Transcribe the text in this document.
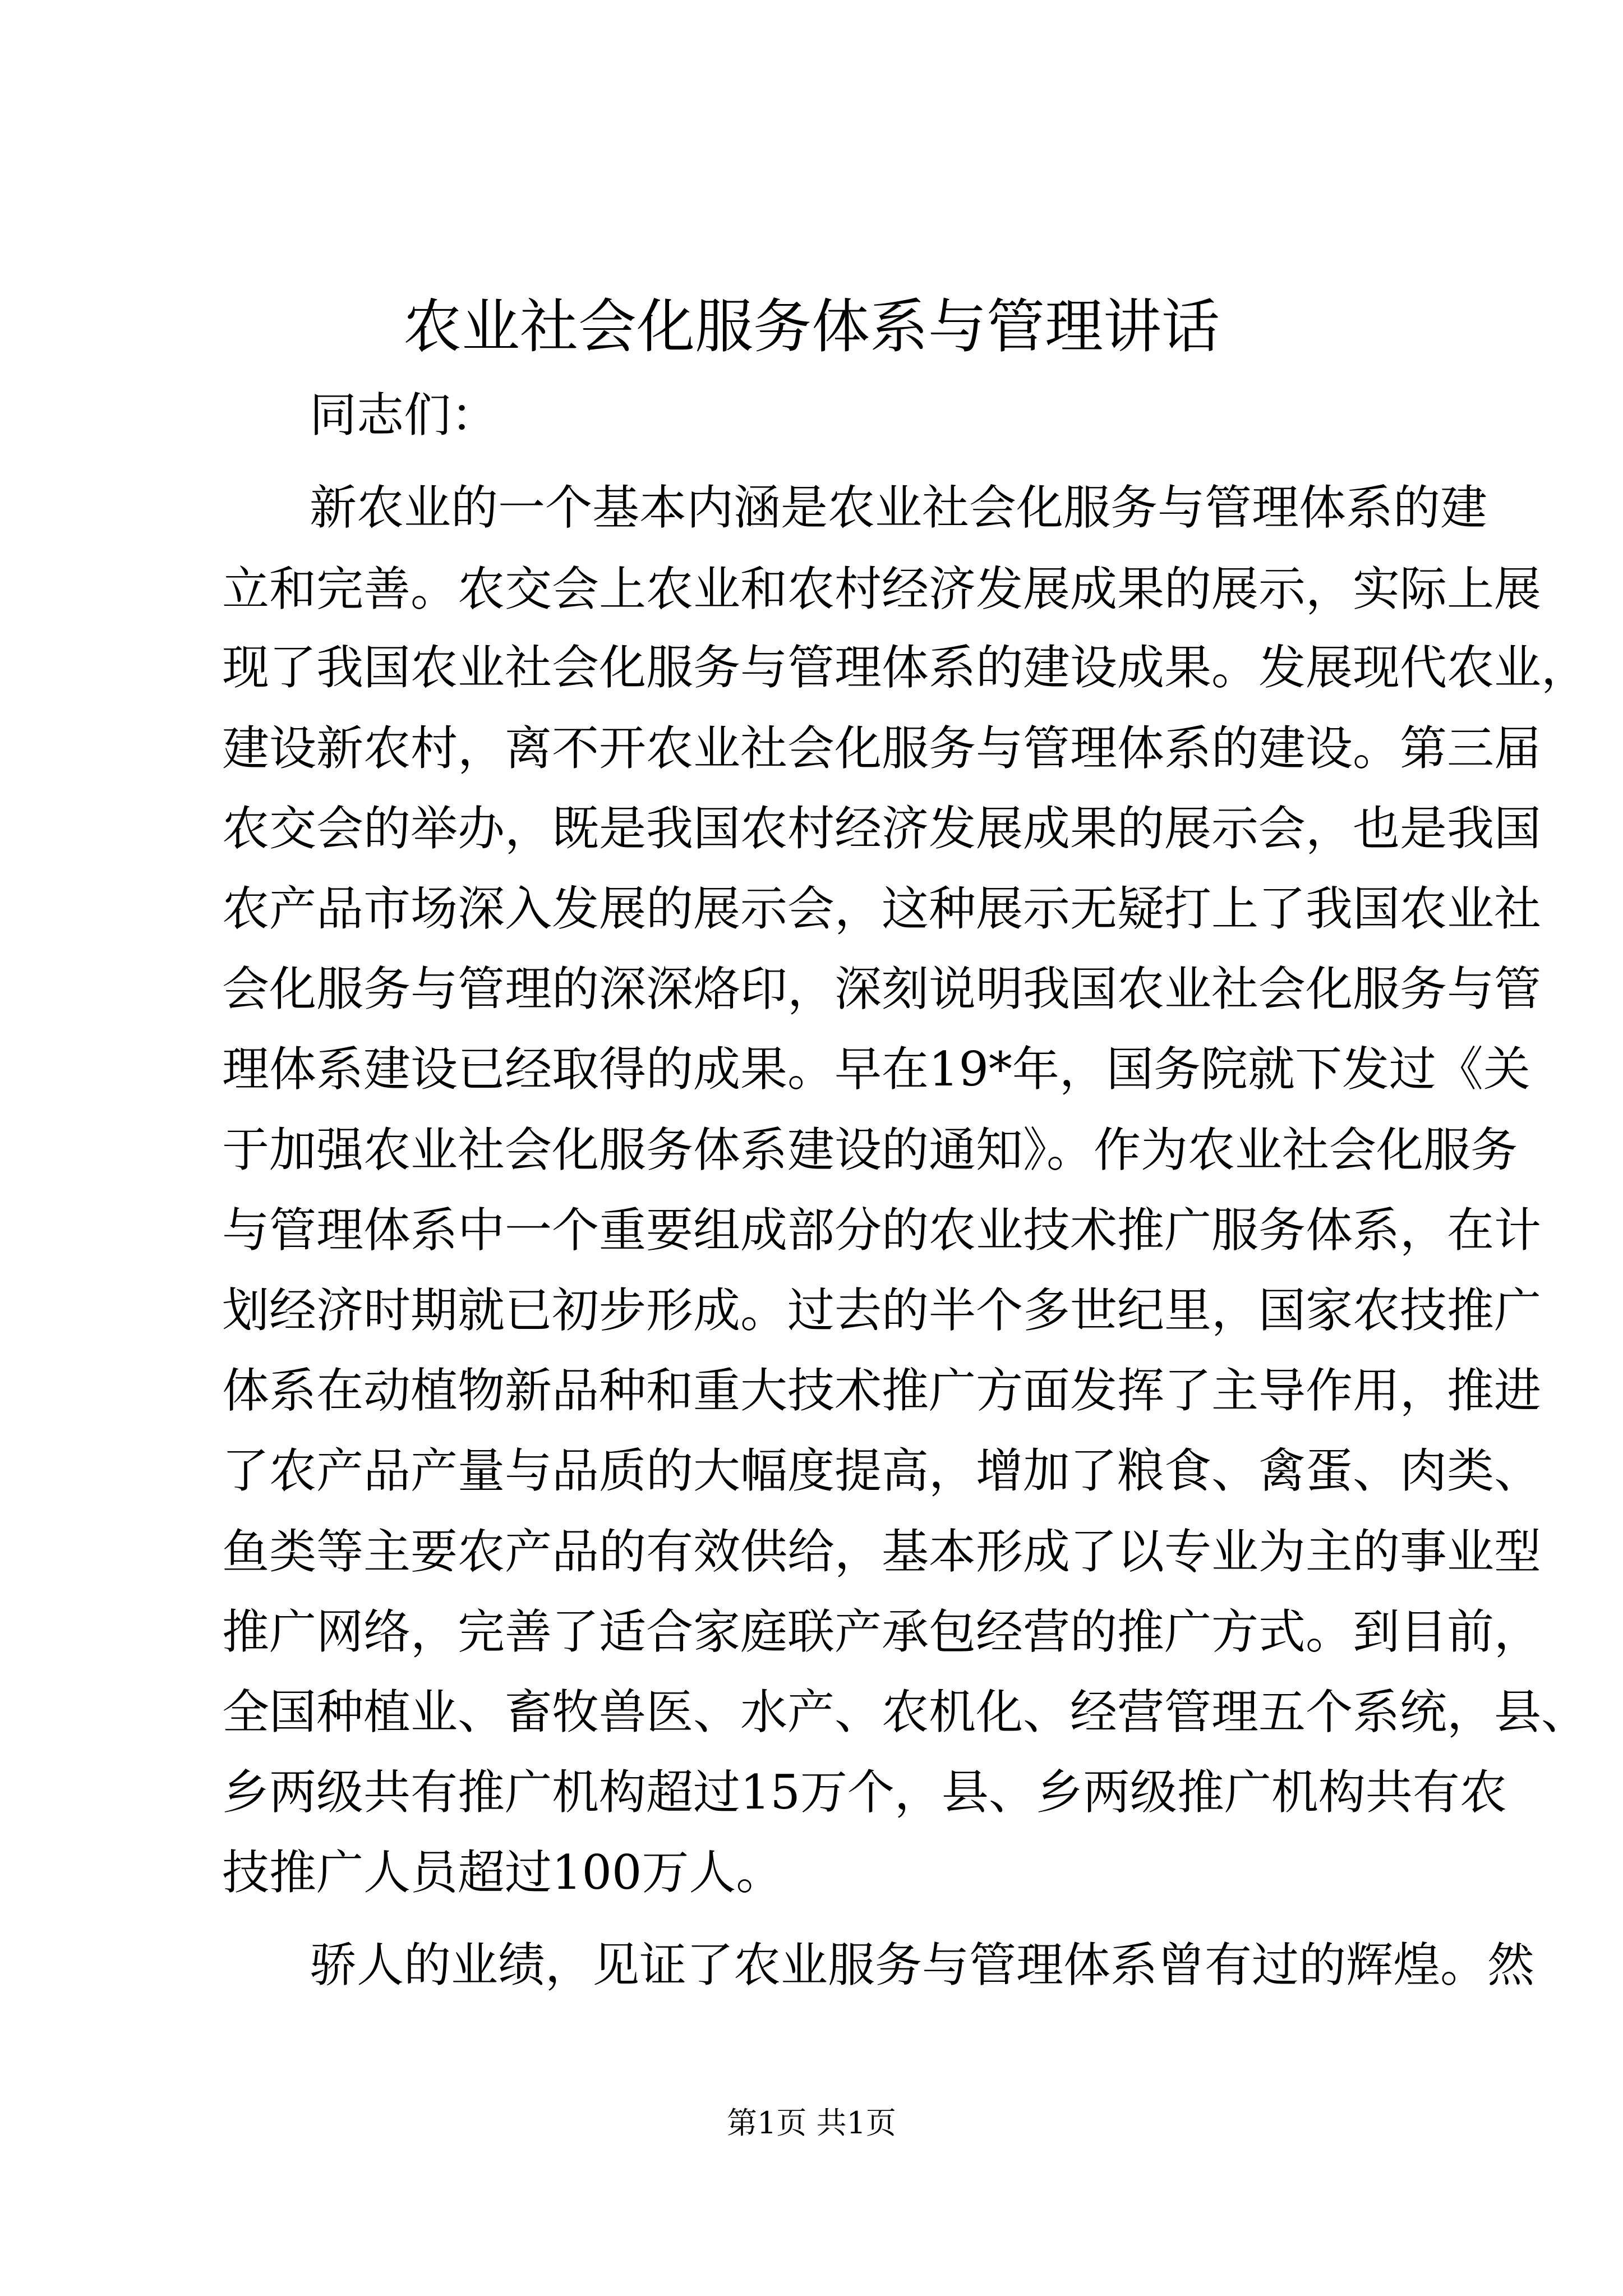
农业社会化服务体系与管理讲话
同志们：
新农业的一个基本内涵是农业社会化服务与管理体系的建
立和完善。农交会上农业和农村经济发展成果的展示，实际上展
现了我国农业社会化服务与管理体系的建设成果。发展现代农业，
建设新农村，离不开农业社会化服务与管理体系的建设。第三届
农交会的举办，既是我国农村经济发展成果的展示会，也是我国
农产品市场深入发展的展示会，这种展示无疑打上了我国农业社
会化服务与管理的深深烙印，深刻说明我国农业社会化服务与管
理体系建设已经取得的成果。早在19*年，国务院就下发过《关
于加强农业社会化服务体系建设的通知》。作为农业社会化服务
与管理体系中一个重要组成部分的农业技术推广服务体系，在计
划经济时期就已初步形成。过去的半个多世纪里，国家农技推广
体系在动植物新品种和重大技术推广方面发挥了主导作用，推进
了农产品产量与品质的大幅度提高，增加了粮食、禽蛋、肉类、
鱼类等主要农产品的有效供给，基本形成了以专业为主的事业型
推广网络，完善了适合家庭联产承包经营的推广方式。到目前，
全国种植业、畜牧兽医、水产、农机化、经营管理五个系统，县、
乡两级共有推广机构超过15万个，县、乡两级推广机构共有农
技推广人员超过100万人。
骄人的业绩，见证了农业服务与管理体系曾有过的辉煌。然
第1页 共1页
